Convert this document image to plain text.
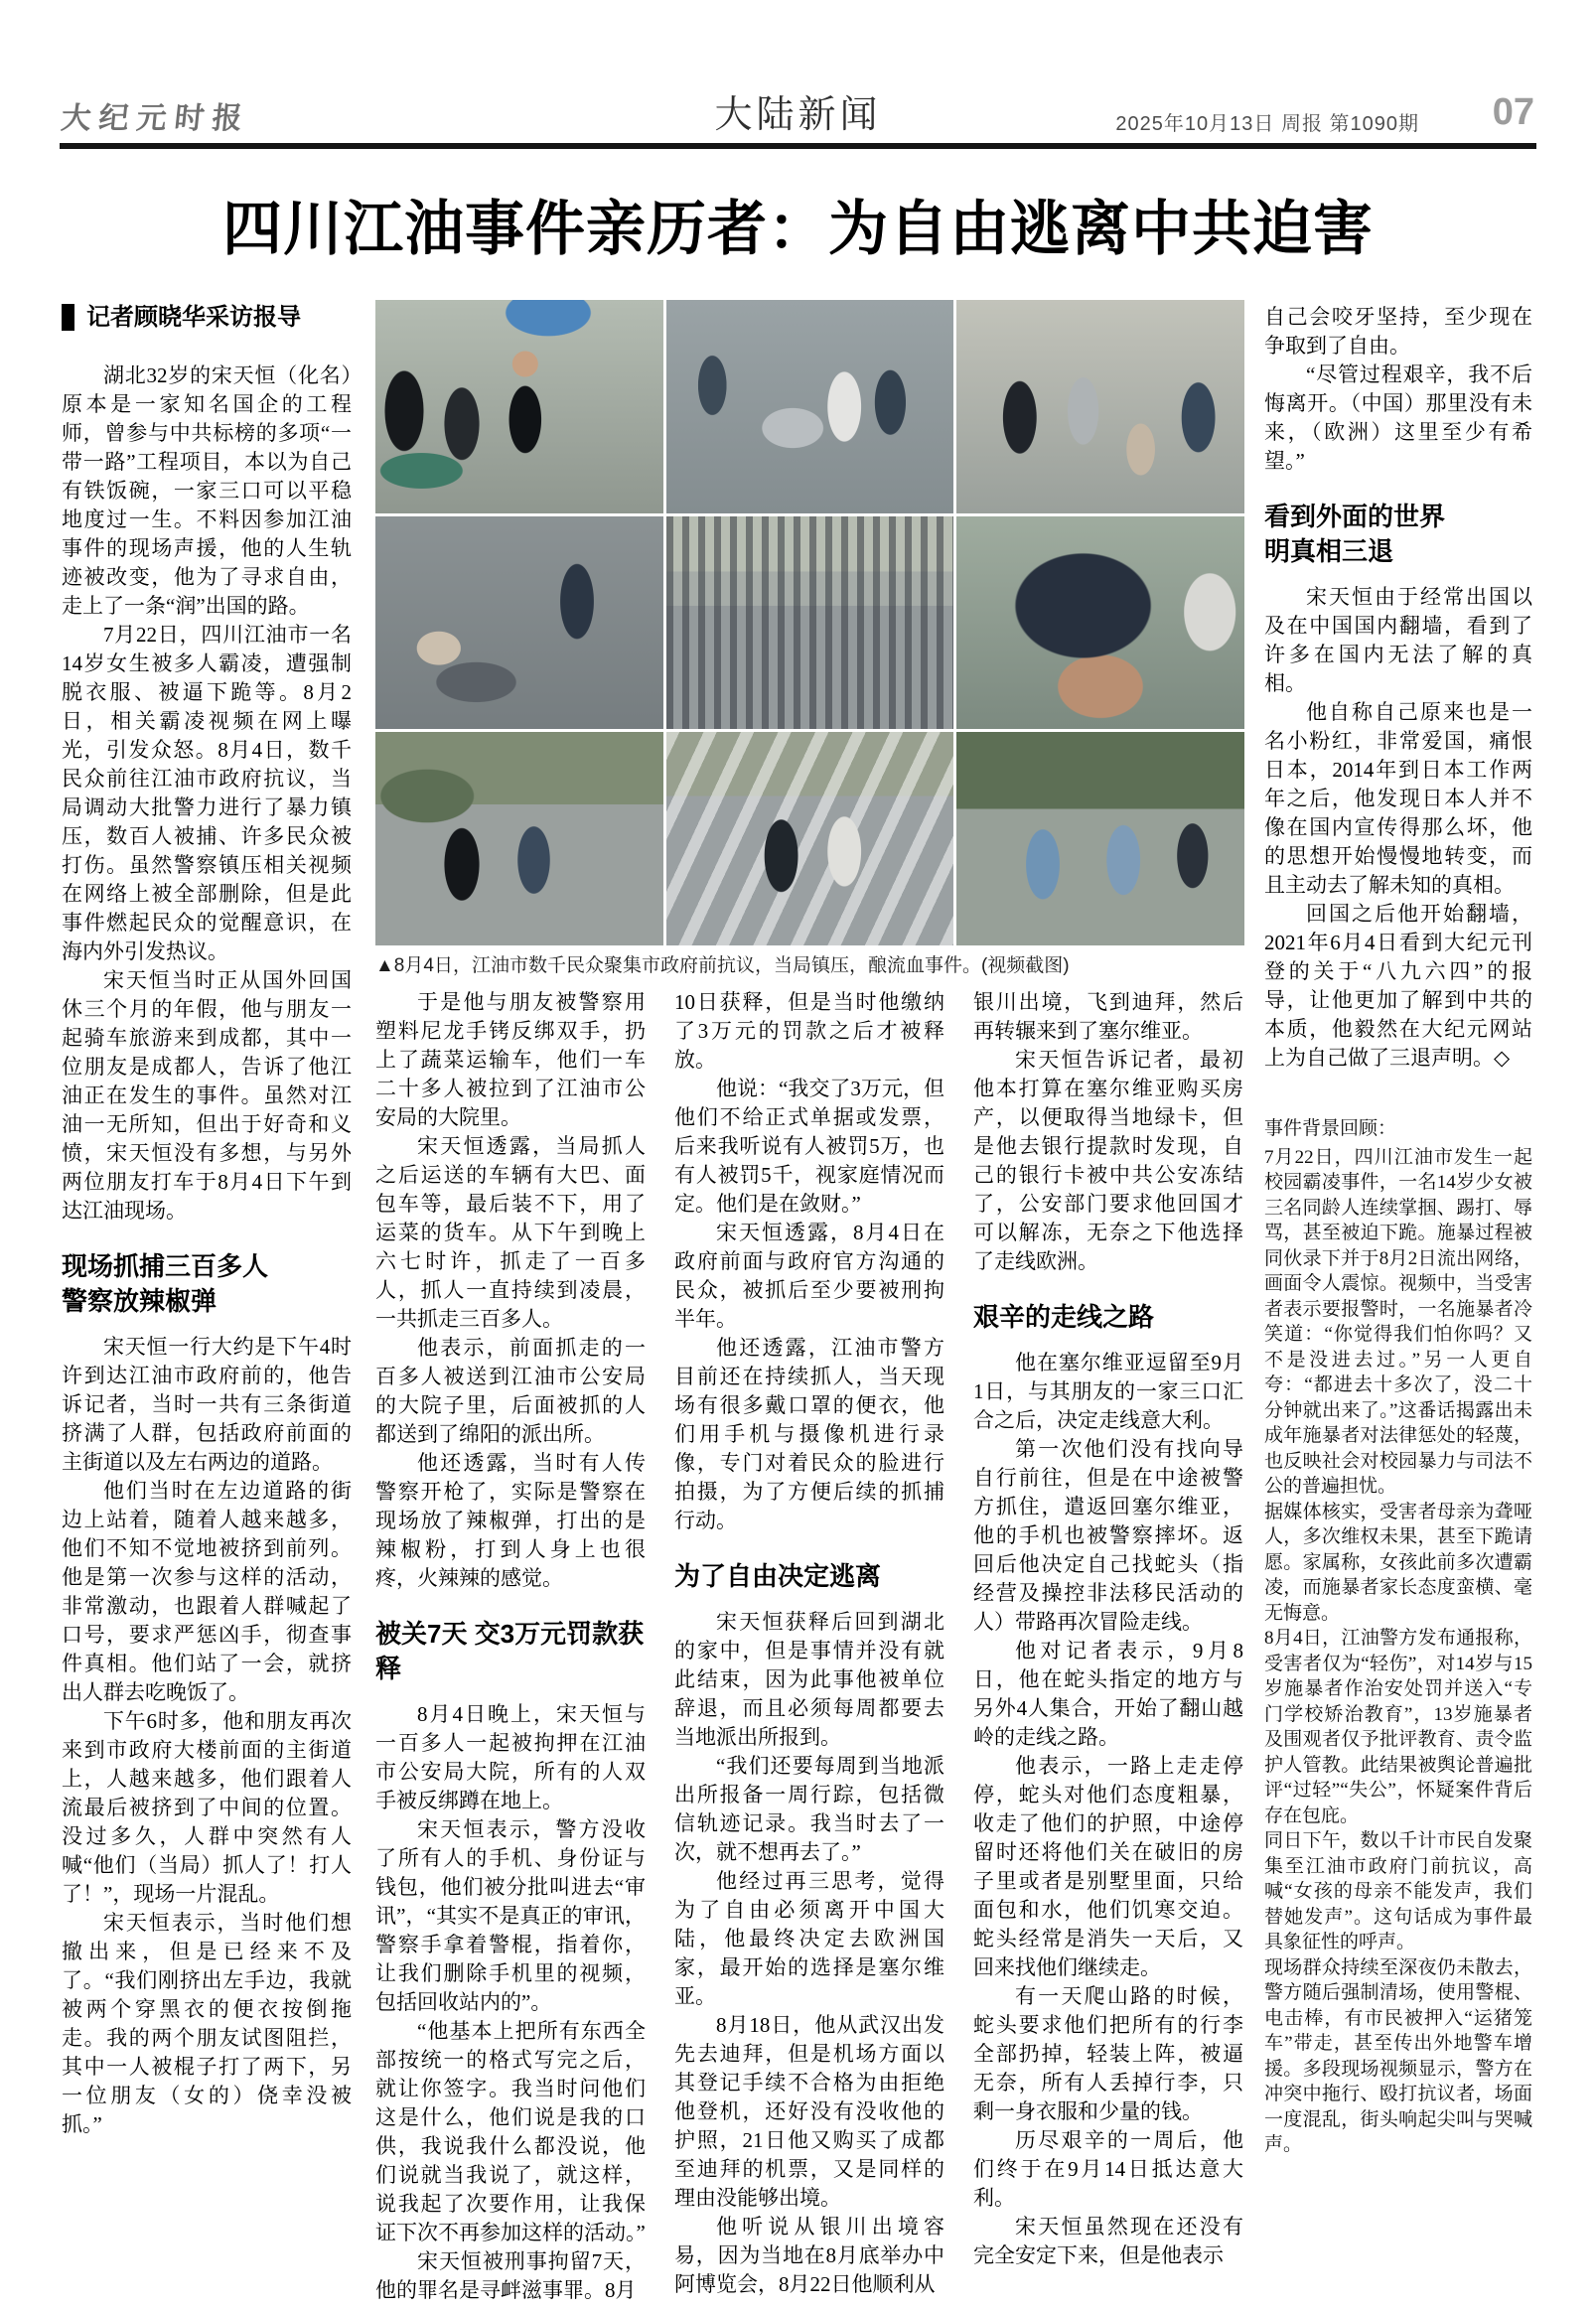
大纪元时报	大陆新闻	2025年10月13日 周报 第1090期 07
四川江油事件亲历者：为自由逃离中共迫害
记者顾晓华采访报导

湖北32岁的宋天恒（化名）原本是一家知名国企的工程师，曾参与中共标榜的多项“一带一路”工程项目，本以为自己有铁饭碗，一家三口可以平稳地度过一生。不料因参加江油事件的现场声援，他的人生轨迹被改变，他为了寻求自由，走上了一条“润”出国的路。

7月22日，四川江油市一名14岁女生被多人霸凌，遭强制脱衣服、被逼下跪等。8月2日，相关霸凌视频在网上曝光，引发众怒。8月4日，数千民众前往江油市政府抗议，当局调动大批警力进行了暴力镇压，数百人被捕、许多民众被打伤。虽然警察镇压相关视频在网络上被全部删除，但是此事件燃起民众的觉醒意识，在海内外引发热议。

宋天恒当时正从国外回国休三个月的年假，他与朋友一起骑车旅游来到成都，其中一位朋友是成都人，告诉了他江油正在发生的事件。虽然对江油一无所知，但出于好奇和义愤，宋天恒没有多想，与另外两位朋友打车于8月4日下午到达江油现场。

现场抓捕三百多人
警察放辣椒弹

宋天恒一行大约是下午4时许到达江油市政府前的，他告诉记者，当时一共有三条街道挤满了人群，包括政府前面的主街道以及左右两边的道路。

他们当时在左边道路的街边上站着，随着人越来越多，他们不知不觉地被挤到前列。他是第一次参与这样的活动，非常激动，也跟着人群喊起了口号，要求严惩凶手，彻查事件真相。他们站了一会，就挤出人群去吃晚饭了。

下午6时多，他和朋友再次来到市政府大楼前面的主街道上，人越来越多，他们跟着人流最后被挤到了中间的位置。没过多久，人群中突然有人喊“他们（当局）抓人了！打人了！”，现场一片混乱。

宋天恒表示，当时他们想撤出来，但是已经来不及了。“我们刚挤出左手边，我就被两个穿黑衣的便衣按倒拖走。我的两个朋友试图阻拦，其中一人被棍子打了两下，另一位朋友（女的）侥幸没被抓。”

▲8月4日，江油市数千民众聚集市政府前抗议，当局镇压，酿流血事件。(视频截图)

于是他与朋友被警察用塑料尼龙手铐反绑双手，扔上了蔬菜运输车，他们一车二十多人被拉到了江油市公安局的大院里。

宋天恒透露，当局抓人之后运送的车辆有大巴、面包车等，最后装不下，用了运菜的货车。从下午到晚上六七时许，抓走了一百多人，抓人一直持续到凌晨，一共抓走三百多人。

他表示，前面抓走的一百多人被送到江油市公安局的大院子里，后面被抓的人都送到了绵阳的派出所。

他还透露，当时有人传警察开枪了，实际是警察在现场放了辣椒弹，打出的是辣椒粉，打到人身上也很疼，火辣辣的感觉。

被关7天 交3万元罚款获释

8月4日晚上，宋天恒与一百多人一起被拘押在江油市公安局大院，所有的人双手被反绑蹲在地上。

宋天恒表示，警方没收了所有人的手机、身份证与钱包，他们被分批叫进去“审讯”，“其实不是真正的审讯，警察手拿着警棍，指着你，让我们删除手机里的视频，包括回收站内的”。

“他基本上把所有东西全部按统一的格式写完之后，就让你签字。我当时问他们这是什么，他们说是我的口供，我说我什么都没说，他们说就当我说了，就这样，说我起了次要作用，让我保证下次不再参加这样的活动。”

宋天恒被刑事拘留7天，他的罪名是寻衅滋事罪。8月

10日获释，但是当时他缴纳了3万元的罚款之后才被释放。

他说：“我交了3万元，但他们不给正式单据或发票，后来我听说有人被罚5万，也有人被罚5千，视家庭情况而定。他们是在敛财。”

宋天恒透露，8月4日在政府前面与政府官方沟通的民众，被抓后至少要被刑拘半年。

他还透露，江油市警方目前还在持续抓人，当天现场有很多戴口罩的便衣，他们用手机与摄像机进行录像，专门对着民众的脸进行拍摄，为了方便后续的抓捕行动。

为了自由决定逃离

宋天恒获释后回到湖北的家中，但是事情并没有就此结束，因为此事他被单位辞退，而且必须每周都要去当地派出所报到。

“我们还要每周到当地派出所报备一周行踪，包括微信轨迹记录。我当时去了一次，就不想再去了。”

他经过再三思考，觉得为了自由必须离开中国大陆，他最终决定去欧洲国家，最开始的选择是塞尔维亚。

8月18日，他从武汉出发先去迪拜，但是机场方面以其登记手续不合格为由拒绝他登机，还好没有没收他的护照，21日他又购买了成都至迪拜的机票，又是同样的理由没能够出境。

他听说从银川出境容易，因为当地在8月底举办中阿博览会，8月22日他顺利从

银川出境，飞到迪拜，然后再转辗来到了塞尔维亚。

宋天恒告诉记者，最初他本打算在塞尔维亚购买房产，以便取得当地绿卡，但是他去银行提款时发现，自己的银行卡被中共公安冻结了，公安部门要求他回国才可以解冻，无奈之下他选择了走线欧洲。

艰辛的走线之路

他在塞尔维亚逗留至9月1日，与其朋友的一家三口汇合之后，决定走线意大利。

第一次他们没有找向导自行前往，但是在中途被警方抓住，遣返回塞尔维亚，他的手机也被警察摔坏。返回后他决定自己找蛇头（指经营及操控非法移民活动的人）带路再次冒险走线。

他对记者表示，9月8日，他在蛇头指定的地方与另外4人集合，开始了翻山越岭的走线之路。

他表示，一路上走走停停，蛇头对他们态度粗暴，收走了他们的护照，中途停留时还将他们关在破旧的房子里或者是别墅里面，只给面包和水，他们饥寒交迫。蛇头经常是消失一天后，又回来找他们继续走。

有一天爬山路的时候，蛇头要求他们把所有的行李全部扔掉，轻装上阵，被逼无奈，所有人丢掉行李，只剩一身衣服和少量的钱。

历尽艰辛的一周后，他们终于在9月14日抵达意大利。

宋天恒虽然现在还没有完全安定下来，但是他表示

自己会咬牙坚持，至少现在争取到了自由。

“尽管过程艰辛，我不后悔离开。（中国）那里没有未来，（欧洲）这里至少有希望。”

看到外面的世界
明真相三退

宋天恒由于经常出国以及在中国国内翻墙，看到了许多在国内无法了解的真相。

他自称自己原来也是一名小粉红，非常爱国，痛恨日本，2014年到日本工作两年之后，他发现日本人并不像在国内宣传得那么坏，他的思想开始慢慢地转变，而且主动去了解未知的真相。

回国之后他开始翻墙，2021年6月4日看到大纪元刊登的关于“八九六四”的报导，让他更加了解到中共的本质，他毅然在大纪元网站上为自己做了三退声明。◇

事件背景回顾：

7月22日，四川江油市发生一起校园霸凌事件，一名14岁少女被三名同龄人连续掌掴、踢打、辱骂，甚至被迫下跪。施暴过程被同伙录下并于8月2日流出网络，画面令人震惊。视频中，当受害者表示要报警时，一名施暴者冷笑道：“你觉得我们怕你吗？又不是没进去过。”另一人更自夸：“都进去十多次了，没二十分钟就出来了。”这番话揭露出未成年施暴者对法律惩处的轻蔑，也反映社会对校园暴力与司法不公的普遍担忧。

据媒体核实，受害者母亲为聋哑人，多次维权未果，甚至下跪请愿。家属称，女孩此前多次遭霸凌，而施暴者家长态度蛮横、毫无悔意。

8月4日，江油警方发布通报称，受害者仅为“轻伤”，对14岁与15岁施暴者作治安处罚并送入“专门学校矫治教育”，13岁施暴者及围观者仅予批评教育、责令监护人管教。此结果被舆论普遍批评“过轻”“失公”，怀疑案件背后存在包庇。

同日下午，数以千计市民自发聚集至江油市政府门前抗议，高喊“女孩的母亲不能发声，我们替她发声”。这句话成为事件最具象征性的呼声。

现场群众持续至深夜仍未散去，警方随后强制清场，使用警棍、电击棒，有市民被押入“运猪笼车”带走，甚至传出外地警车增援。多段现场视频显示，警方在冲突中拖行、殴打抗议者，场面一度混乱，街头响起尖叫与哭喊声。
